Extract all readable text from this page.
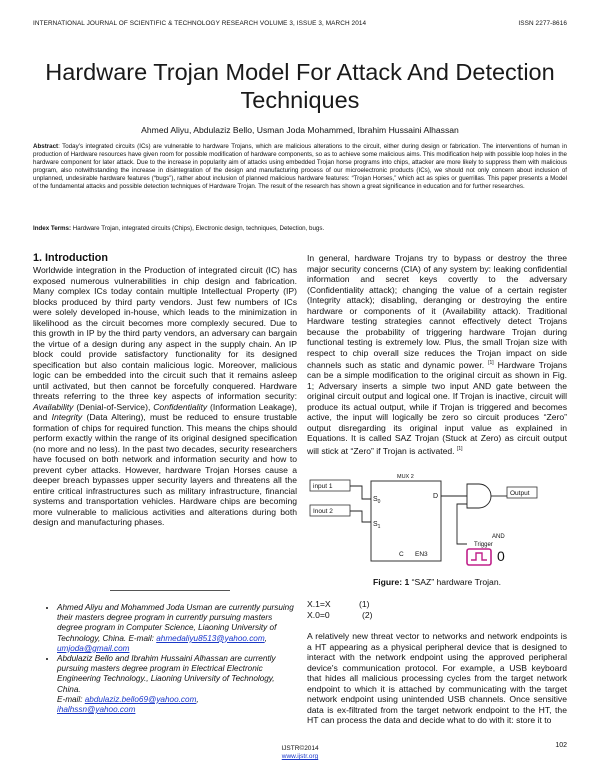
INTERNATIONAL JOURNAL OF SCIENTIFIC & TECHNOLOGY RESEARCH VOLUME 3, ISSUE 3, MARCH 2014	ISSN 2277-8616
Hardware Trojan Model For Attack And Detection Techniques
Ahmed Aliyu, Abdulaziz Bello, Usman Joda Mohammed, Ibrahim Hussaini Alhassan
Abstract: Today’s integrated circuits (ICs) are vulnerable to hardware Trojans, which are malicious alterations to the circuit, either during design or fabrication. The interventions of human in production of Hardware resources have given room for possible modification of hardware components, so as to achieve some malicious aims. This modification help with possible loop holes in the hardware component for later attack. Due to the increase in popularity aim of attacks using embedded Trojan horse programs into chips, attacker are more likely to suppress them with malicious program, also notwithstanding the increase in disintegration of the design and manufacturing process of our microelectronic products (ICs), we should not only concern about inclusion of unplanned, undesirable hardware features (“bugs”), rather about inclusion of planned malicious hardware features: “Trojan Horses,” which act as spies or guerrillas. This paper presents a Model of the fundamental attacks and possible detection techniques of Hardware Trojan. The result of the research has shown a great significance in education and for further researches.
Index Terms: Hardware Trojan, integrated circuits (Chips), Electronic design, techniques, Detection, bugs.
1. Introduction

Worldwide integration in the Production of integrated circuit (IC) has exposed numerous vulnerabilities in chip design and fabrication. Many complex ICs today contain multiple Intellectual Property (IP) blocks produced by third party vendors. Just few numbers of ICs were solely developed in-house, which leads to the minimization in likelihood as the circuit becomes more complexly secured. Due to this growth in IP by the third party vendors, an adversary can bargain the virtue of a design during any aspect in the supply chain. An IP block could provide satisfactory functionality for its designed specification but also contain malicious logic. Moreover, malicious logic can be embedded into the circuit such that it remains asleep until activated, but then cannot be forcefully conquered. Hardware threats referring to the three key aspects of information security: Availability (Denial-of-Service), Confidentiality (Information Leakage), and Integrity (Data Altering), must be reduced to ensure trustable formation of chips for required function. This means the chips should perform exactly within the range of its original designed specification (no more and no less). In the past two decades, security researchers have focused on both network and information security and how to prevent cyber attacks. However, hardware Trojan Horses cause a deeper breach bypasses upper security layers and threatens all the entire critical infrastructures such as military infrastructure, financial systems and transportation vehicles. Hardware chips are becoming more vulnerable to malicious activities and alterations during both design and manufacturing phases.

In general, hardware Trojans try to bypass or destroy the three major security concerns (CIA) of any system by: leaking confidential information and secret keys covertly to the adversary (Confidentiality attack); changing the value of a certain register (Integrity attack); disabling, deranging or destroying the entire hardware or components of it (Availability attack). Traditional Hardware testing strategies cannot effectively detect Trojans because the probability of triggering hardware Trojan during functional testing is extremely low. Plus, the small Trojan size with respect to chip overall size reduces the Trojan impact on side channels such as static and dynamic power. [1] Hardware Trojans can be a simple modification to the original circuit as shown in Fig. 1; Adversary inserts a simple two input AND gate between the original circuit output and logical one. If Trojan is inactive, circuit will produce its actual output, while if Trojan is triggered and becomes active, the input will logically be zero so circuit produces “Zero” output disregarding its original input value as explained in Equations. It is called SAZ Trojan (Stuck at Zero) as circuit output will stick at “Zero” if Trojan is activated. [1]

input 1
Inout 2
MUX 2
$S_0$
$S_1$
D
C EN3
AND
Trigger
0
Output
Figure: 1 “SAZ” hardware Trojan.
X.1=X	(1)
X.0=0	(2)

A relatively new threat vector to networks and network endpoints is a HT appearing as a physical peripheral device that is designed to interact with the network endpoint using the approved peripheral device's communication protocol. For example, a USB keyboard that hides all malicious processing cycles from the target network endpoint to which it is attached by communicating with the target network endpoint using unintended USB channels. Once sensitive data is ex-filtrated from the target network endpoint to the HT, the HT can process the data and decide what to do with it: store it to

• Ahmed Aliyu and Mohammed Joda Usman are currently pursuing their masters degree program in currently pursuing masters degree program in Computer Science, Liaoning University of Technology, China. E-mail: ahmedaliyu8513@yahoo.com, umjoda@gmail.com
• Abdulaziz Bello and Ibrahim Hussaini Alhassan are currently pursuing masters degree program in Electrical Electronic Engineering Technology., Liaoning University of Technology, China.
E-mail: abdulaziz.bello69@yahoo.com,
ihalhssn@yahoo.com
102
IJSTR©2014
www.ijstr.org
